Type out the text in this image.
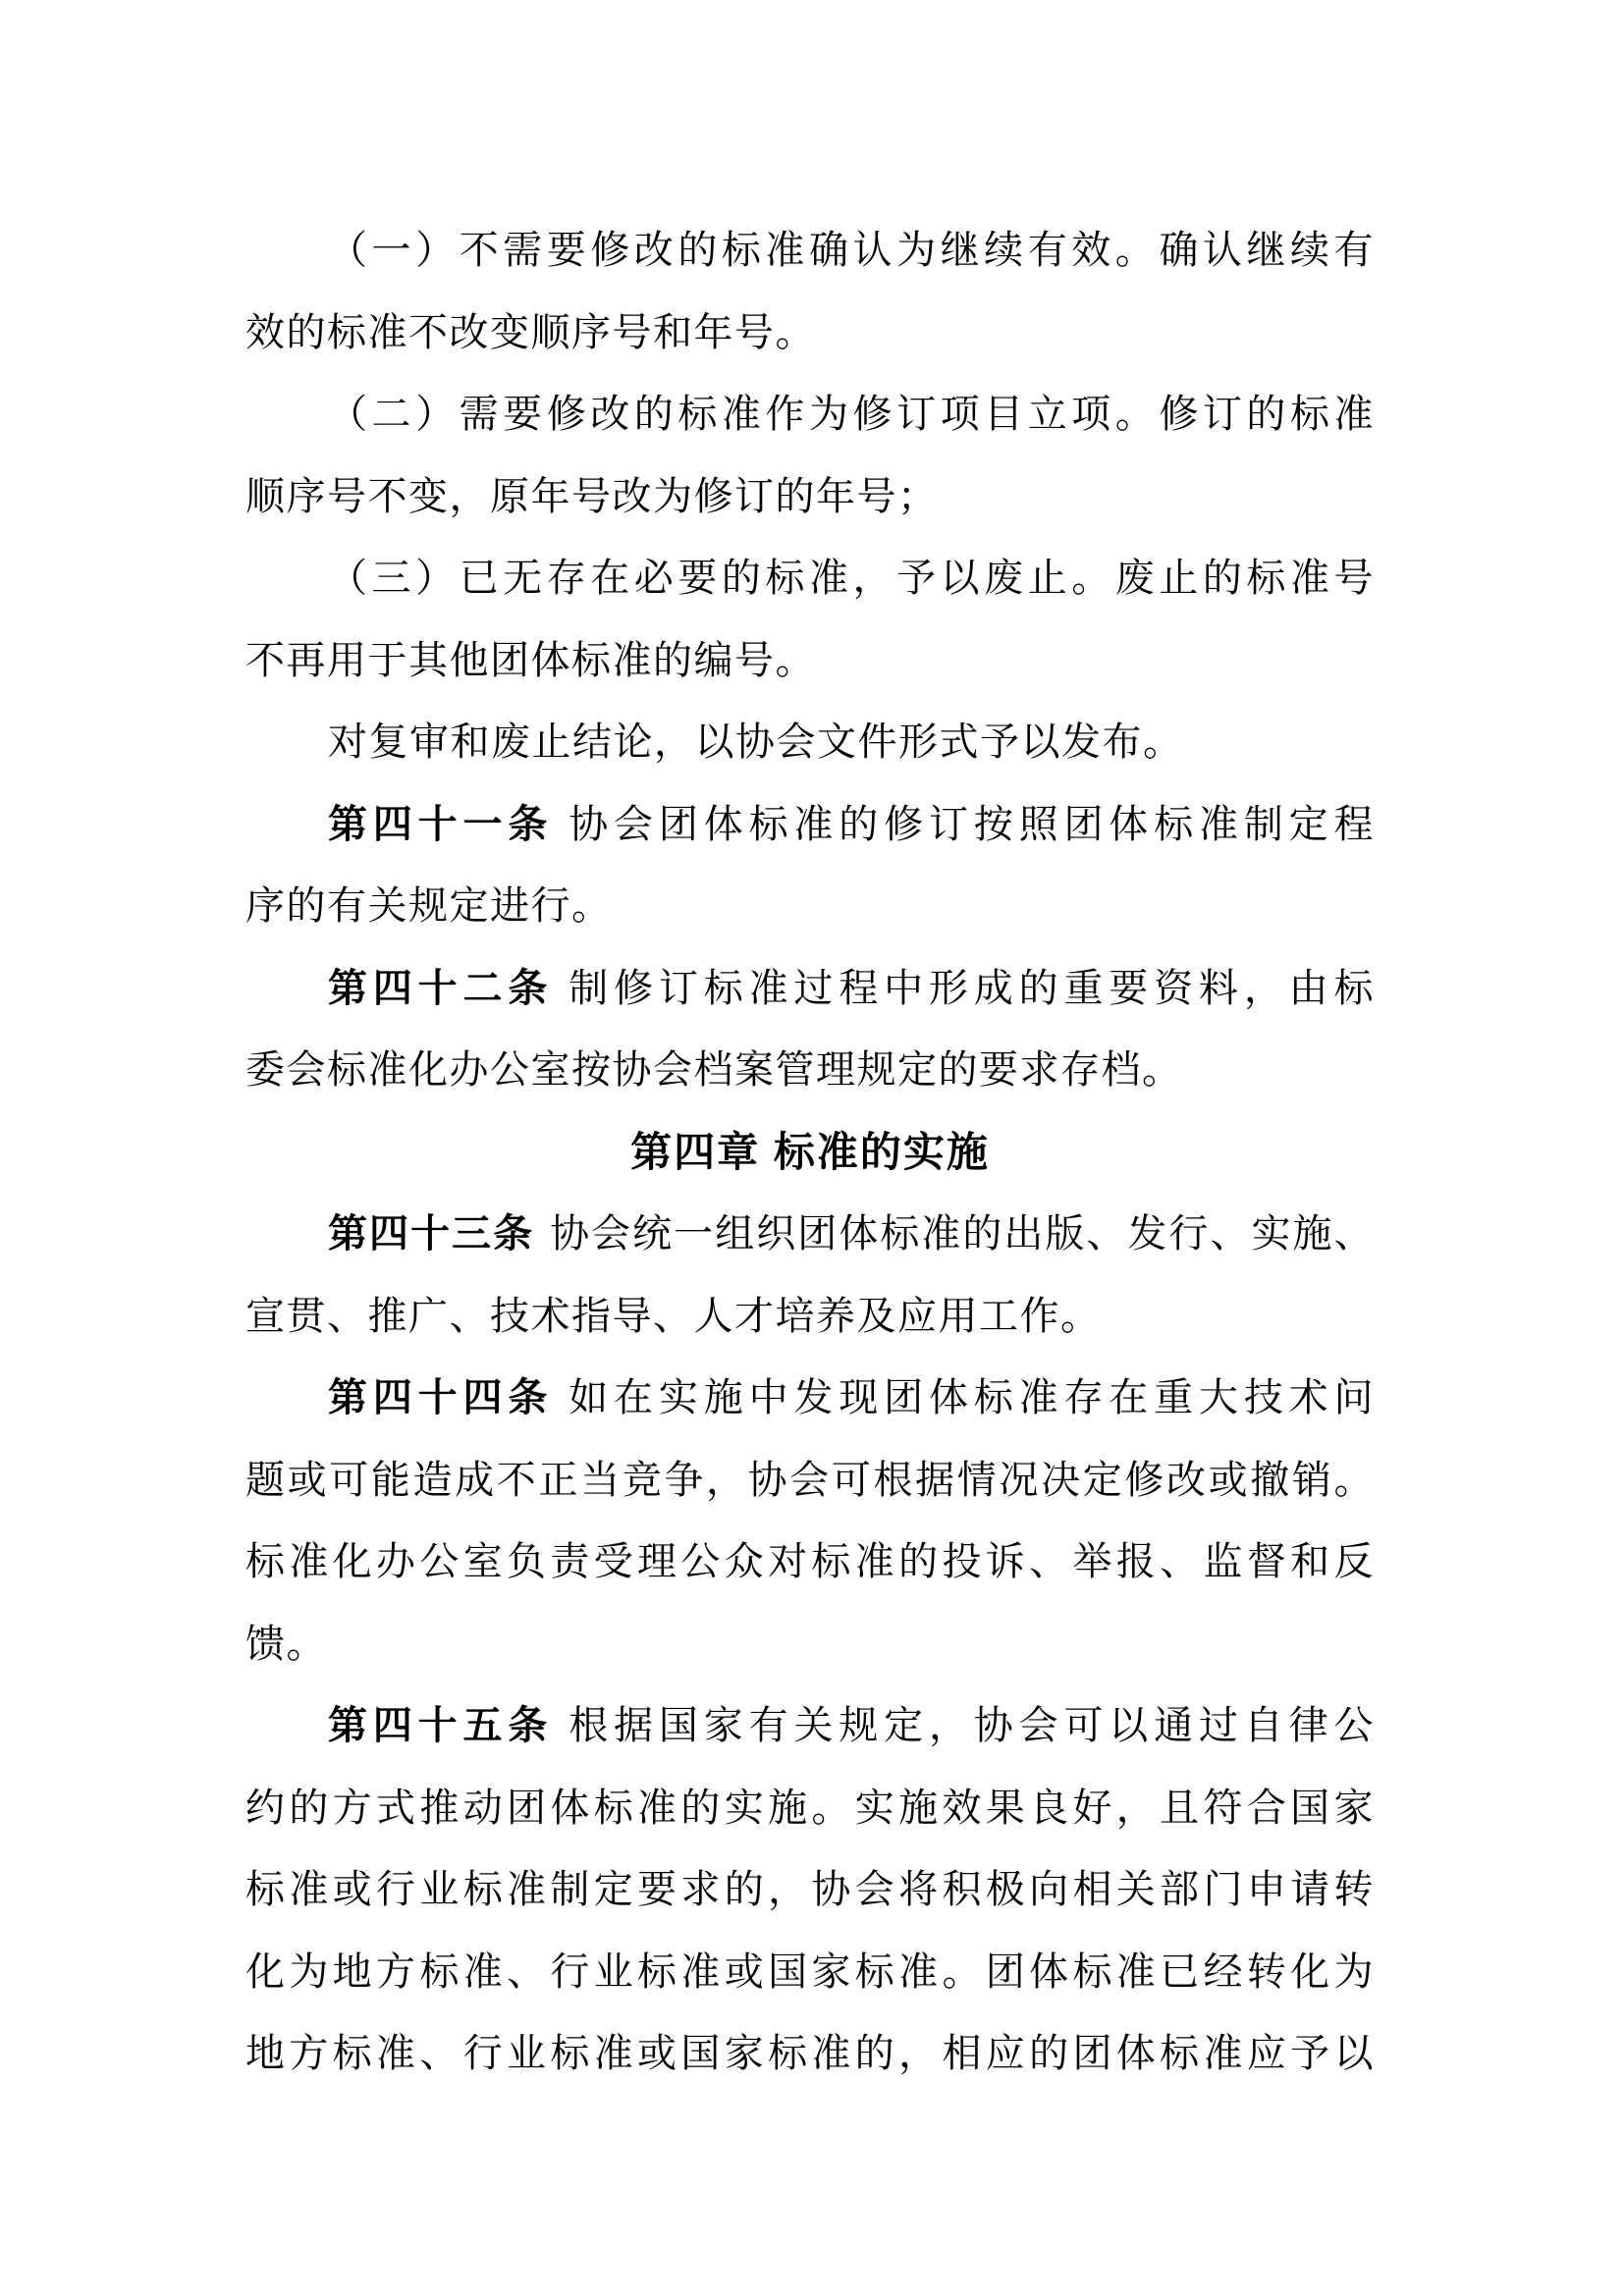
（一）不需要修改的标准确认为继续有效。确认继续有
效的标准不改变顺序号和年号。
（二）需要修改的标准作为修订项目立项。修订的标准
顺序号不变，原年号改为修订的年号；
（三）已无存在必要的标准，予以废止。废止的标准号
不再用于其他团体标准的编号。
对复审和废止结论，以协会文件形式予以发布。
第四十一条 协会团体标准的修订按照团体标准制定程
序的有关规定进行。
第四十二条 制修订标准过程中形成的重要资料，由标
委会标准化办公室按协会档案管理规定的要求存档。
第四章 标准的实施
第四十三条 协会统一组织团体标准的出版、发行、实施、
宣贯、推广、技术指导、人才培养及应用工作。
第四十四条 如在实施中发现团体标准存在重大技术问
题或可能造成不正当竞争，协会可根据情况决定修改或撤销。
标准化办公室负责受理公众对标准的投诉、举报、监督和反
馈。
第四十五条 根据国家有关规定，协会可以通过自律公
约的方式推动团体标准的实施。实施效果良好，且符合国家
标准或行业标准制定要求的，协会将积极向相关部门申请转
化为地方标准、行业标准或国家标准。团体标准已经转化为
地方标准、行业标准或国家标准的，相应的团体标准应予以
